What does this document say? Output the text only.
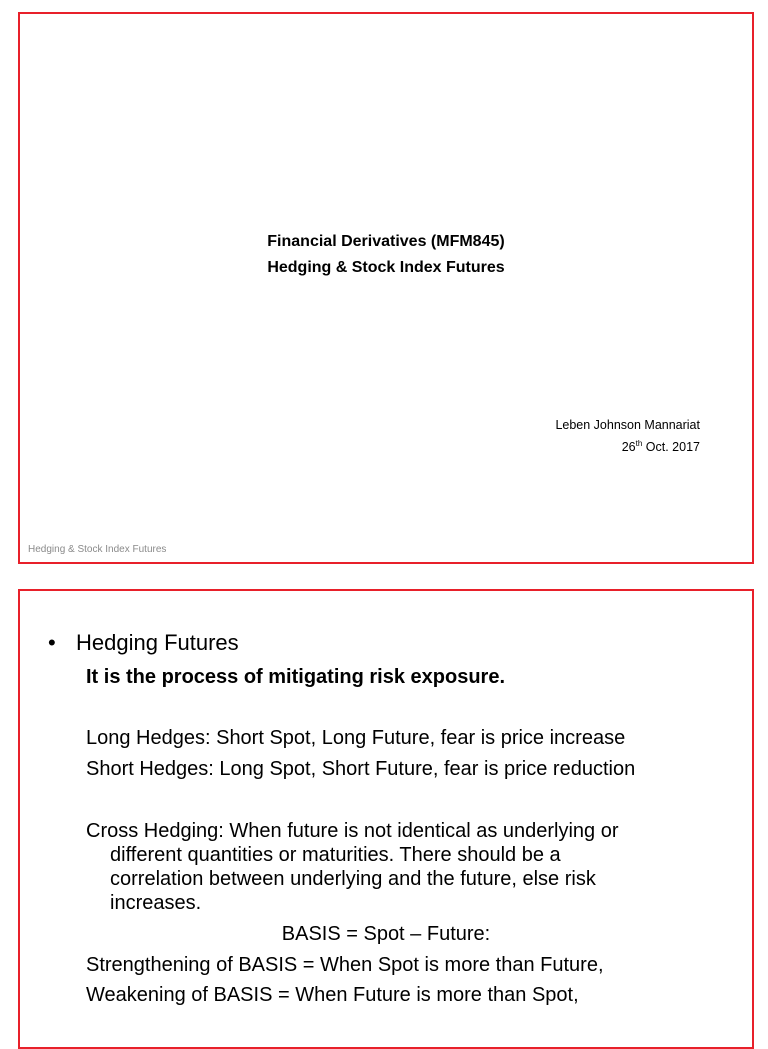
Financial Derivatives (MFM845)
Hedging & Stock Index Futures
Leben Johnson Mannariat
26th Oct. 2017
Hedging & Stock Index Futures
• Hedging Futures
It is the process of mitigating risk exposure.
Long Hedges: Short Spot, Long Future, fear is price increase
Short Hedges: Long Spot, Short Future, fear is price reduction
Cross Hedging: When future is not identical as underlying or
different quantities or maturities. There should be a
correlation between underlying and the future, else risk
increases.
BASIS = Spot – Future:
Strengthening of BASIS = When Spot is more than Future,
Weakening of BASIS = When Future is more than Spot,
